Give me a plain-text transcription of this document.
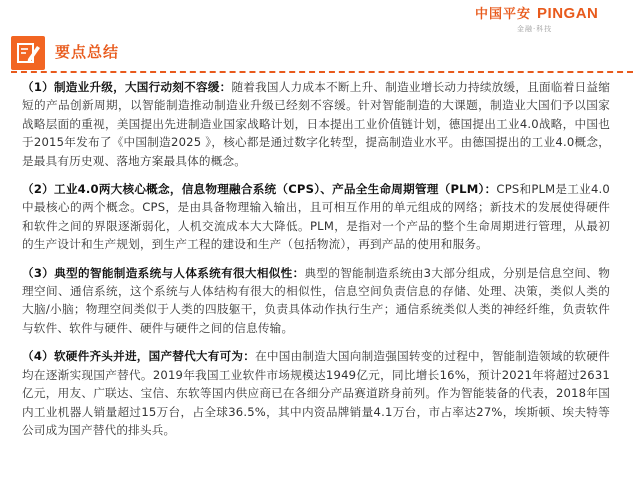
中国平安 PINGAN
金融·科技
要点总结

（1）制造业升级，大国行动刻不容缓：随着我国人力成本不断上升、制造业增长动力持续放缓，且面临着日益缩短的产品创新周期，以智能制造推动制造业升级已经刻不容缓。针对智能制造的大课题，制造业大国们予以国家战略层面的重视，美国提出先进制造业国家战略计划，日本提出工业价值链计划，德国提出工业4.0战略，中国也于2015年发布了《中国制造2025 》，核心都是通过数字化转型，提高制造业水平。由德国提出的工业4.0概念，是最具有历史观、落地方案最具体的概念。

（2）工业4.0两大核心概念，信息物理融合系统（CPS）、产品全生命周期管理（PLM）：CPS和PLM是工业4.0中最核心的两个概念。CPS，是由具备物理输入输出，且可相互作用的单元组成的网络；新技术的发展使得硬件和软件之间的界限逐渐弱化，人机交流成本大大降低。PLM，是指对一个产品的整个生命周期进行管理，从最初的生产设计和生产规划，到生产工程的建设和生产（包括物流），再到产品的使用和服务。

（3）典型的智能制造系统与人体系统有很大相似性：典型的智能制造系统由3大部分组成，分别是信息空间、物理空间、通信系统，这个系统与人体结构有很大的相似性，信息空间负责信息的存储、处理、决策，类似人类的大脑/小脑；物理空间类似于人类的四肢躯干，负责具体动作执行生产；通信系统类似人类的神经纤维，负责软件与软件、软件与硬件、硬件与硬件之间的信息传输。

（4）软硬件齐头并进，国产替代大有可为：在中国由制造大国向制造强国转变的过程中，智能制造领域的软硬件均在逐渐实现国产替代。2019年我国工业软件市场规模达1949亿元，同比增长16%，预计2021年将超过2631亿元，用友、广联达、宝信、东软等国内供应商已在各细分产品赛道跻身前列。作为智能装备的代表，2018年国内工业机器人销量超过15万台，占全球36.5%，其中内资品牌销量4.1万台，市占率达27%，埃斯顿、埃夫特等公司成为国产替代的排头兵。
